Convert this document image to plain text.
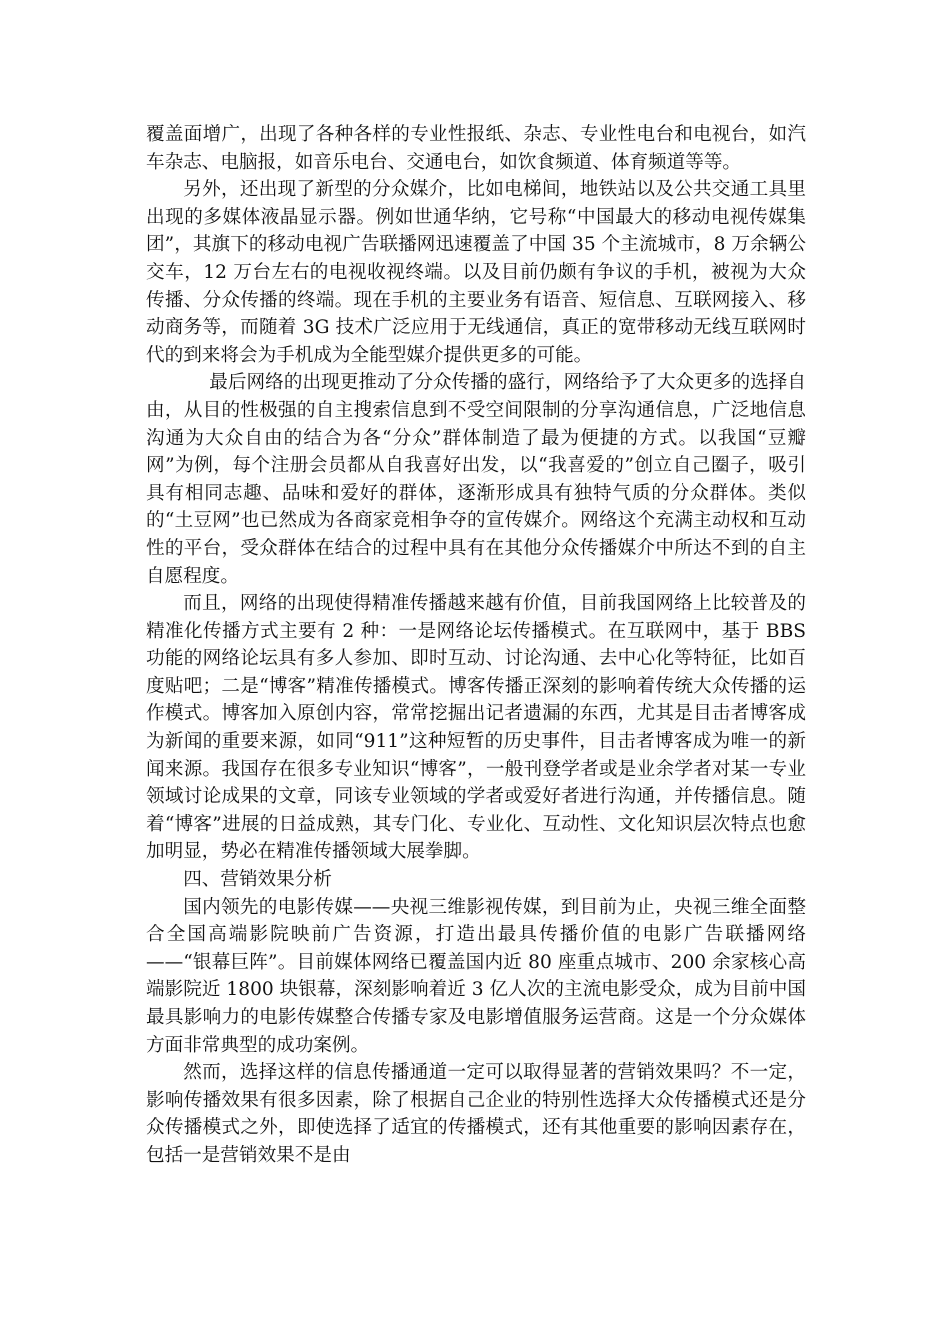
覆盖面增广，出现了各种各样的专业性报纸、杂志、专业性电台和电视台，如汽车杂志、电脑报，如音乐电台、交通电台，如饮食频道、体育频道等等。

另外，还出现了新型的分众媒介，比如电梯间，地铁站以及公共交通工具里出现的多媒体液晶显示器。例如世通华纳，它号称“中国最大的移动电视传媒集团”，其旗下的移动电视广告联播网迅速覆盖了中国 35 个主流城市，8 万余辆公交车，12 万台左右的电视收视终端。以及目前仍颇有争议的手机，被视为大众传播、分众传播的终端。现在手机的主要业务有语音、短信息、互联网接入、移动商务等，而随着 3G 技术广泛应用于无线通信，真正的宽带移动无线互联网时代的到来将会为手机成为全能型媒介提供更多的可能。

最后网络的出现更推动了分众传播的盛行，网络给予了大众更多的选择自由，从目的性极强的自主搜索信息到不受空间限制的分享沟通信息，广泛地信息沟通为大众自由的结合为各“分众”群体制造了最为便捷的方式。以我国“豆瓣网”为例，每个注册会员都从自我喜好出发，以“我喜爱的”创立自己圈子，吸引具有相同志趣、品味和爱好的群体，逐渐形成具有独特气质的分众群体。类似的“土豆网”也已然成为各商家竞相争夺的宣传媒介。网络这个充满主动权和互动性的平台，受众群体在结合的过程中具有在其他分众传播媒介中所达不到的自主自愿程度。

而且，网络的出现使得精准传播越来越有价值，目前我国网络上比较普及的精准化传播方式主要有 2 种：一是网络论坛传播模式。在互联网中，基于 BBS 功能的网络论坛具有多人参加、即时互动、讨论沟通、去中心化等特征，比如百度贴吧；二是“博客”精准传播模式。博客传播正深刻的影响着传统大众传播的运作模式。博客加入原创内容，常常挖掘出记者遗漏的东西，尤其是目击者博客成为新闻的重要来源，如同“911”这种短暂的历史事件，目击者博客成为唯一的新闻来源。我国存在很多专业知识“博客”，一般刊登学者或是业余学者对某一专业领域讨论成果的文章，同该专业领域的学者或爱好者进行沟通，并传播信息。随着“博客”进展的日益成熟，其专门化、专业化、互动性、文化知识层次特点也愈加明显，势必在精准传播领域大展拳脚。

四、营销效果分析

国内领先的电影传媒——央视三维影视传媒，到目前为止，央视三维全面整合全国高端影院映前广告资源，打造出最具传播价值的电影广告联播网络——“银幕巨阵”。目前媒体网络已覆盖国内近 80 座重点城市、200 余家核心高端影院近 1800 块银幕，深刻影响着近 3 亿人次的主流电影受众，成为目前中国最具影响力的电影传媒整合传播专家及电影增值服务运营商。这是一个分众媒体方面非常典型的成功案例。

然而，选择这样的信息传播通道一定可以取得显著的营销效果吗？不一定，影响传播效果有很多因素，除了根据自己企业的特别性选择大众传播模式还是分众传播模式之外，即使选择了适宜的传播模式，还有其他重要的影响因素存在，包括一是营销效果不是由
